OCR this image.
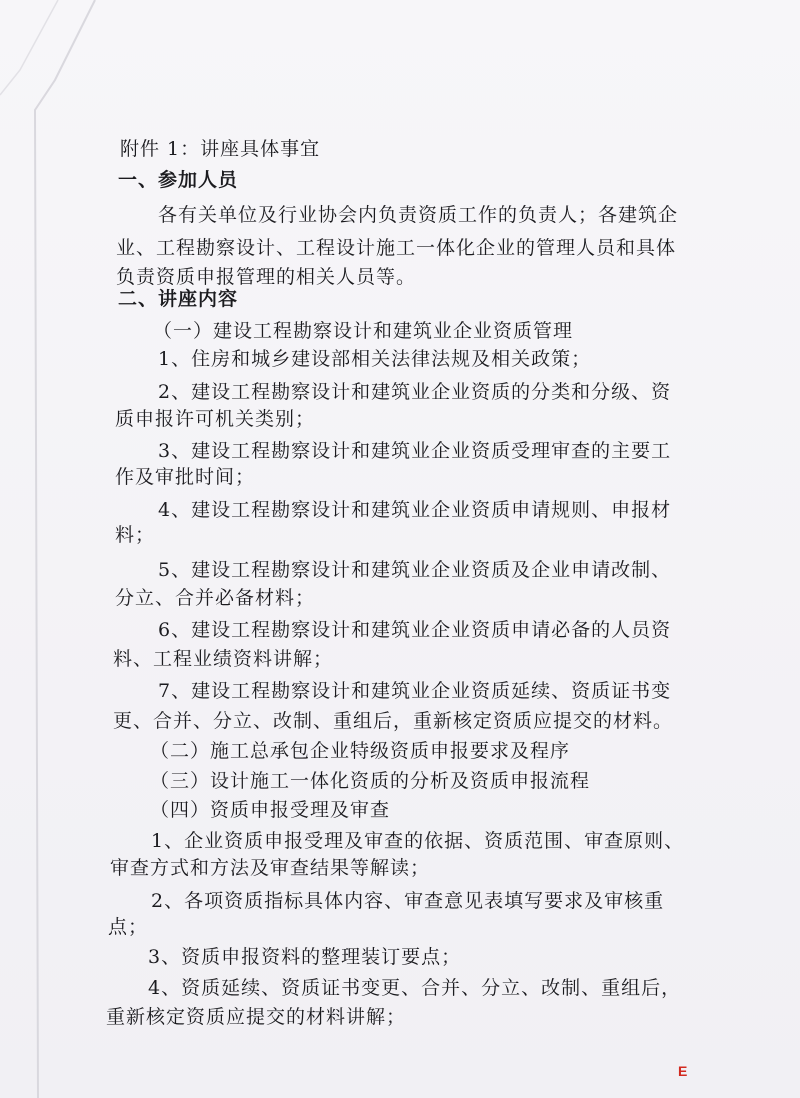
附件 1：讲座具体事宜
一、参加人员
各有关单位及行业协会内负责资质工作的负责人；各建筑企
业、工程勘察设计、工程设计施工一体化企业的管理人员和具体
负责资质申报管理的相关人员等。
二、讲座内容
（一）建设工程勘察设计和建筑业企业资质管理
1、住房和城乡建设部相关法律法规及相关政策；
2、建设工程勘察设计和建筑业企业资质的分类和分级、资
质申报许可机关类别；
3、建设工程勘察设计和建筑业企业资质受理审查的主要工
作及审批时间；
4、建设工程勘察设计和建筑业企业资质申请规则、申报材
料；
5、建设工程勘察设计和建筑业企业资质及企业申请改制、
分立、合并必备材料；
6、建设工程勘察设计和建筑业企业资质申请必备的人员资
料、工程业绩资料讲解；
7、建设工程勘察设计和建筑业企业资质延续、资质证书变
更、合并、分立、改制、重组后，重新核定资质应提交的材料。
（二）施工总承包企业特级资质申报要求及程序
（三）设计施工一体化资质的分析及资质申报流程
（四）资质申报受理及审查
1、企业资质申报受理及审查的依据、资质范围、审查原则、
审查方式和方法及审查结果等解读；
2、各项资质指标具体内容、审查意见表填写要求及审核重
点；
3、资质申报资料的整理装订要点；
4、资质延续、资质证书变更、合并、分立、改制、重组后，
重新核定资质应提交的材料讲解；
E
